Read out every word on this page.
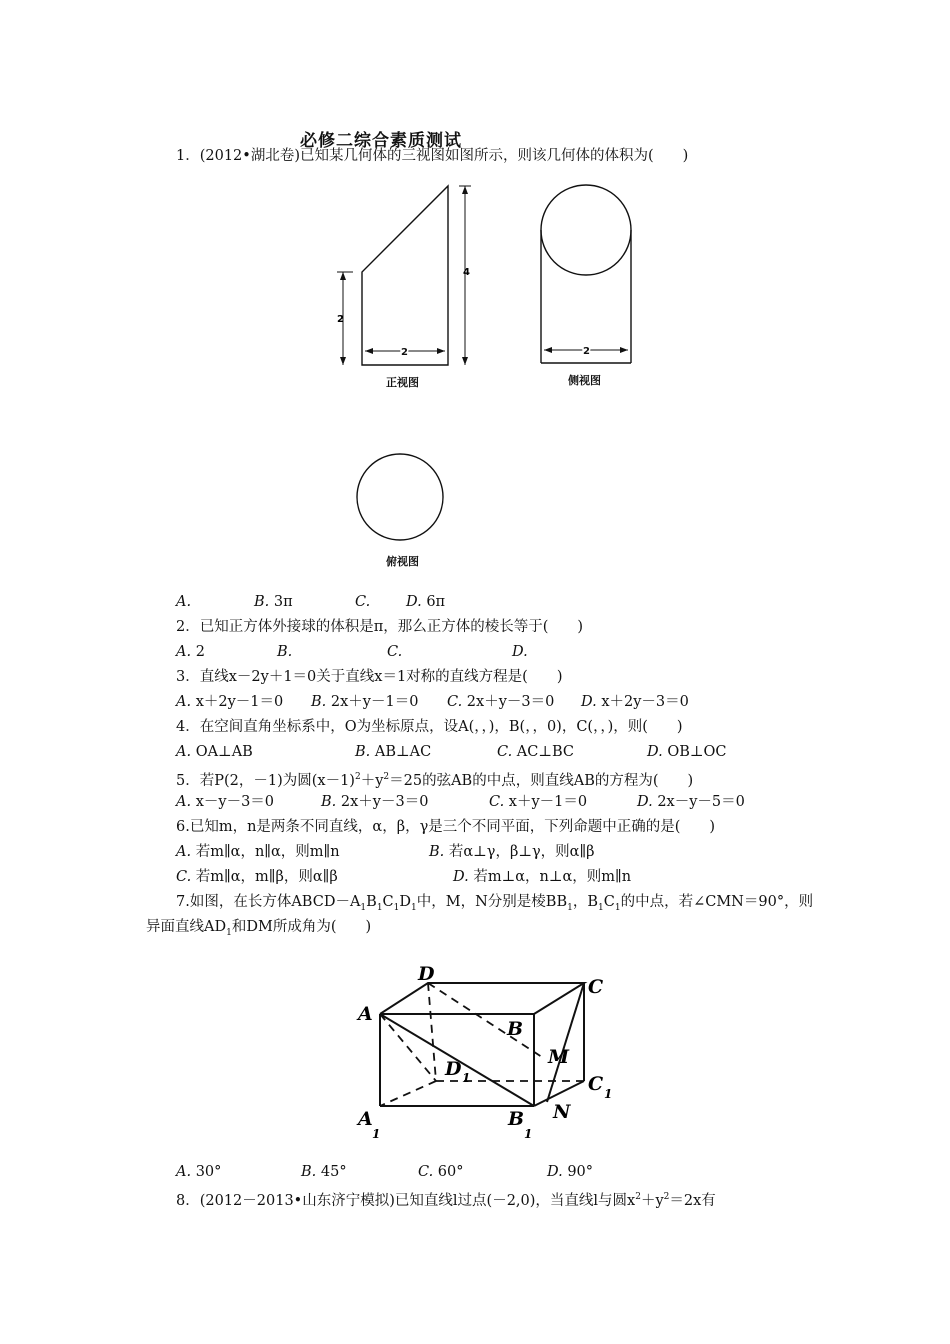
必修二综合素质测试
1．(2012•湖北卷)已知某几何体的三视图如图所示，则该几何体的体积为(　　)
2
4
2
正视图
2
侧视图
俯视图
A.	B. 3π	C. D. 6π
2．已知正方体外接球的体积是π，那么正方体的棱长等于(　　)
A. 2	B.	C.	D.
3．直线x－2y＋1＝0关于直线x＝1对称的直线方程是(　　)
A. x＋2y－1＝0 B. 2x＋y－1＝0 C. 2x＋y－3＝0 D. x＋2y－3＝0
4．在空间直角坐标系中，O为坐标原点，设A(，，)，B(，，0)，C(，，)，则(　　)
A. OA⊥AB	B. AB⊥AC	C. AC⊥BC	D. OB⊥OC
5．若P(2，－1)为圆$(x-1)^2+y^2=25$的弦AB的中点，则直线AB的方程为(　　)
A. x－y－3＝0	B. 2x＋y－3＝0	C. x＋y－1＝0	D. 2x－y－5＝0
6.已知m，n是两条不同直线，α，β，γ是三个不同平面，下列命题中正确的是(　　)
A. 若m∥α，n∥α，则m∥n	B. 若α⊥γ，β⊥γ，则α∥β
C. 若m∥α，m∥β，则α∥β	D. 若m⊥α，n⊥α，则m∥n
7.如图，在长方体$ABCD-A_1B_1C_1D_1$中，M，N分别是棱$BB_1$，$B_1C_1$的中点，若∠CMN＝90°，则
异面直线$AD_1$和DM所成角为(　　)
D
C
A
B
M
D 1	C 1
A
1
B
1
N
A. 30°	B. 45°	C. 60°	D. 90°
8．(2012－2013•山东济宁模拟)已知直线l过点(－2,0)，当直线l与圆$x^2+y^2=2x$有
